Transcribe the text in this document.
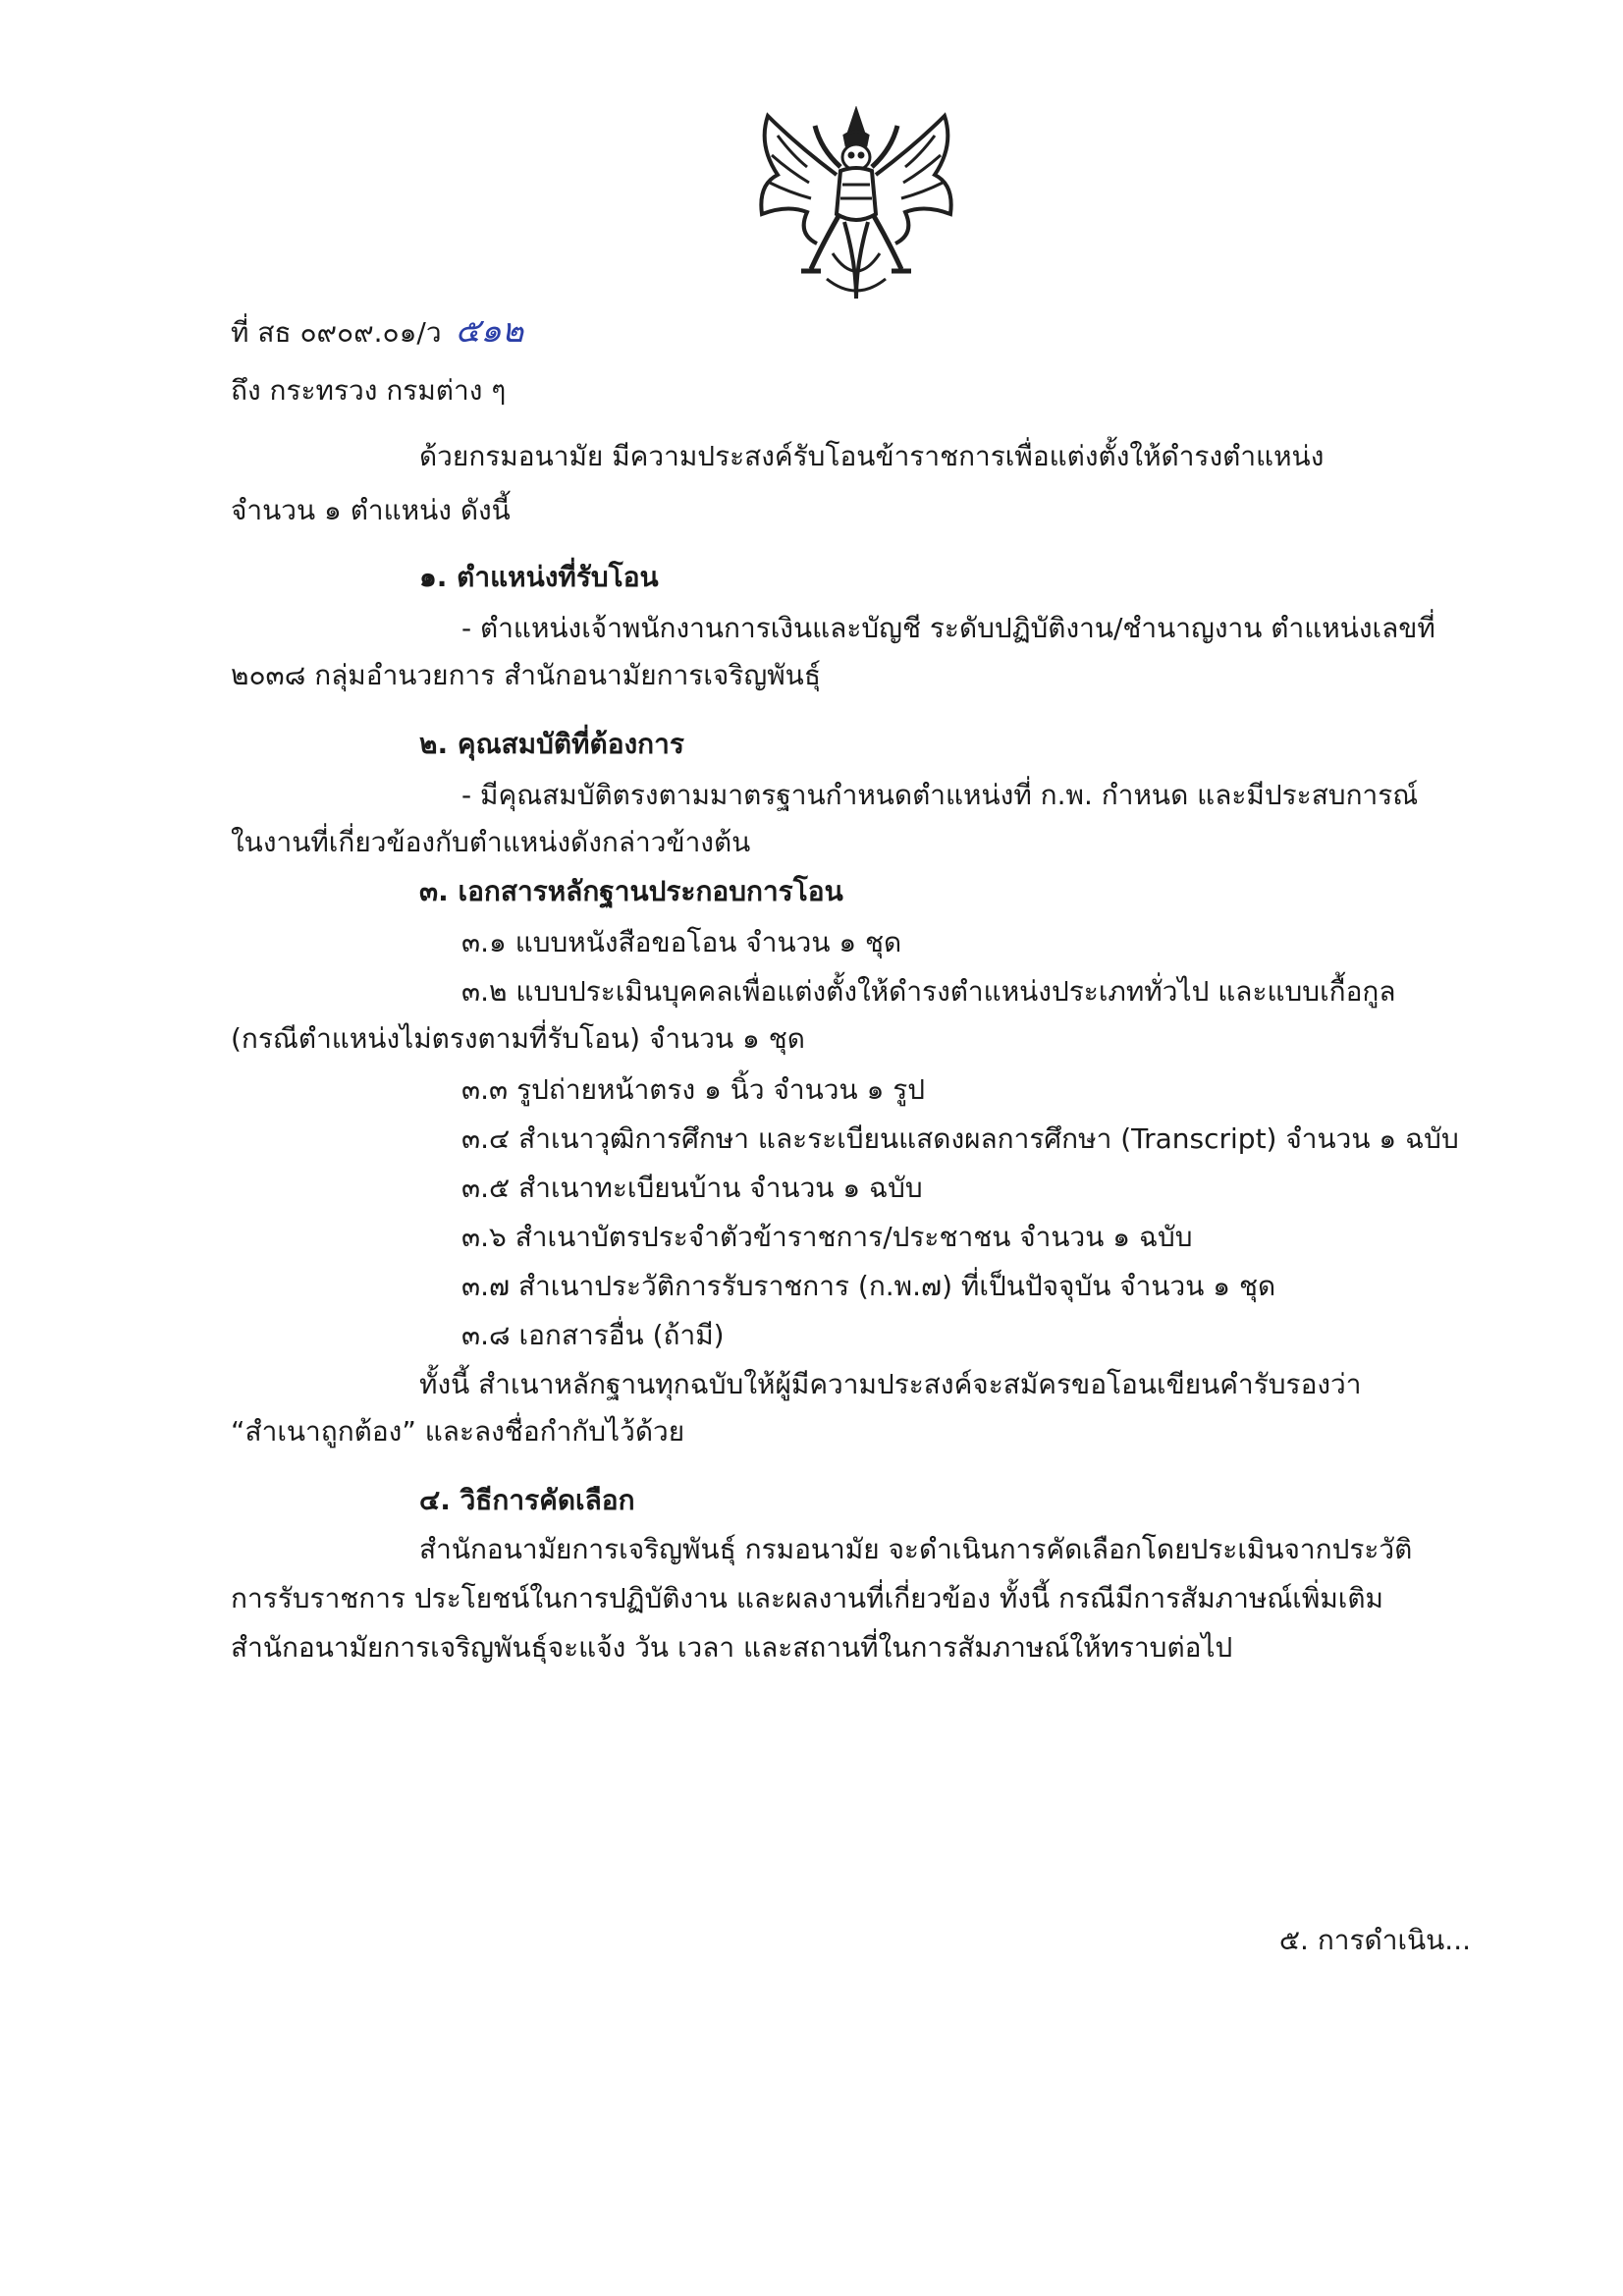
ที่ สธ ๐๙๐๙.๐๑/ว ๕๑๒
ถึง กระทรวง กรมต่าง ๆ
ด้วยกรมอนามัย มีความประสงค์รับโอนข้าราชการเพื่อแต่งตั้งให้ดำรงตำแหน่ง
จำนวน ๑ ตำแหน่ง ดังนี้
๑. ตำแหน่งที่รับโอน
- ตำแหน่งเจ้าพนักงานการเงินและบัญชี ระดับปฏิบัติงาน/ชำนาญงาน ตำแหน่งเลขที่
๒๐๓๘ กลุ่มอำนวยการ สำนักอนามัยการเจริญพันธุ์
๒. คุณสมบัติที่ต้องการ
- มีคุณสมบัติตรงตามมาตรฐานกำหนดตำแหน่งที่ ก.พ. กำหนด และมีประสบการณ์
ในงานที่เกี่ยวข้องกับตำแหน่งดังกล่าวข้างต้น
๓. เอกสารหลักฐานประกอบการโอน
๓.๑ แบบหนังสือขอโอน จำนวน ๑ ชุด
๓.๒ แบบประเมินบุคคลเพื่อแต่งตั้งให้ดำรงตำแหน่งประเภททั่วไป และแบบเกื้อกูล
(กรณีตำแหน่งไม่ตรงตามที่รับโอน) จำนวน ๑ ชุด
๓.๓ รูปถ่ายหน้าตรง ๑ นิ้ว จำนวน ๑ รูป
๓.๔ สำเนาวุฒิการศึกษา และระเบียนแสดงผลการศึกษา (Transcript) จำนวน ๑ ฉบับ
๓.๕ สำเนาทะเบียนบ้าน จำนวน ๑ ฉบับ
๓.๖ สำเนาบัตรประจำตัวข้าราชการ/ประชาชน จำนวน ๑ ฉบับ
๓.๗ สำเนาประวัติการรับราชการ (ก.พ.๗) ที่เป็นปัจจุบัน จำนวน ๑ ชุด
๓.๘ เอกสารอื่น (ถ้ามี)
ทั้งนี้ สำเนาหลักฐานทุกฉบับให้ผู้มีความประสงค์จะสมัครขอโอนเขียนคำรับรองว่า
“สำเนาถูกต้อง” และลงชื่อกำกับไว้ด้วย
๔. วิธีการคัดเลือก
สำนักอนามัยการเจริญพันธุ์ กรมอนามัย จะดำเนินการคัดเลือกโดยประเมินจากประวัติ
การรับราชการ ประโยชน์ในการปฏิบัติงาน และผลงานที่เกี่ยวข้อง ทั้งนี้ กรณีมีการสัมภาษณ์เพิ่มเติม
สำนักอนามัยการเจริญพันธุ์จะแจ้ง วัน เวลา และสถานที่ในการสัมภาษณ์ให้ทราบต่อไป
๕. การดำเนิน...
